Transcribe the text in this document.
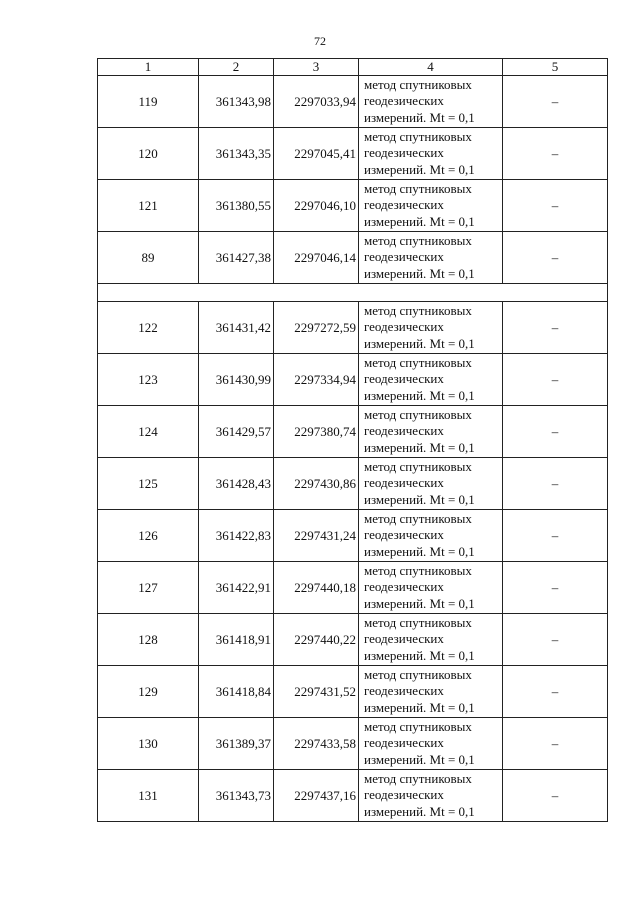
72
1	2	3	4	5
119	361343,98	2297033,94	метод спутниковых
геодезических
измерений. Mt = 0,1	–
120	361343,35	2297045,41	метод спутниковых
геодезических
измерений. Mt = 0,1	–
121	361380,55	2297046,10	метод спутниковых
геодезических
измерений. Mt = 0,1	–
89	361427,38	2297046,14	метод спутниковых
геодезических
измерений. Mt = 0,1	–

122	361431,42	2297272,59	метод спутниковых
геодезических
измерений. Mt = 0,1	–
123	361430,99	2297334,94	метод спутниковых
геодезических
измерений. Mt = 0,1	–
124	361429,57	2297380,74	метод спутниковых
геодезических
измерений. Mt = 0,1	–
125	361428,43	2297430,86	метод спутниковых
геодезических
измерений. Mt = 0,1	–
126	361422,83	2297431,24	метод спутниковых
геодезических
измерений. Mt = 0,1	–
127	361422,91	2297440,18	метод спутниковых
геодезических
измерений. Mt = 0,1	–
128	361418,91	2297440,22	метод спутниковых
геодезических
измерений. Mt = 0,1	–
129	361418,84	2297431,52	метод спутниковых
геодезических
измерений. Mt = 0,1	–
130	361389,37	2297433,58	метод спутниковых
геодезических
измерений. Mt = 0,1	–
131	361343,73	2297437,16	метод спутниковых
геодезических
измерений. Mt = 0,1	–
